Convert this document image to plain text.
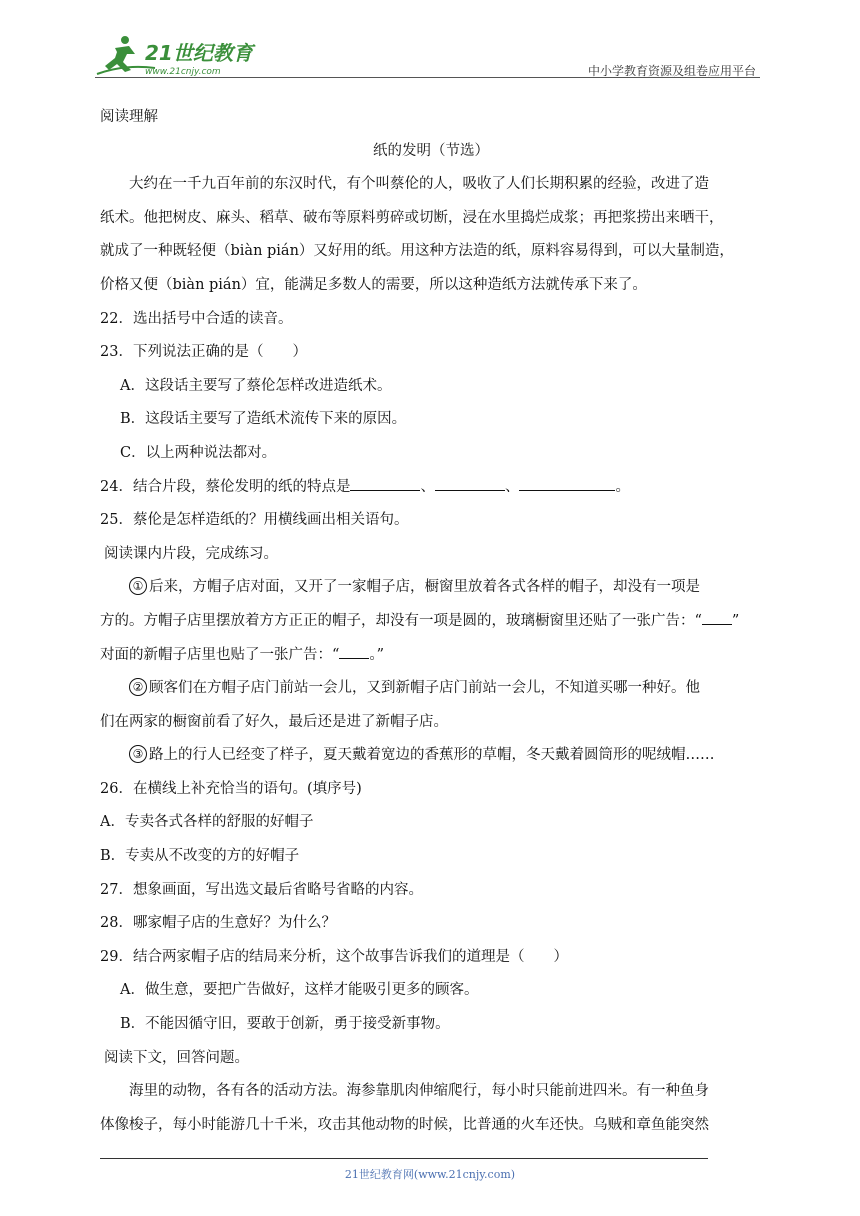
21世纪教育
www.21cnjy.com	中小学教育资源及组卷应用平台
阅读理解
纸的发明（节选）
大约在一千九百年前的东汉时代，有个叫蔡伦的人，吸收了人们长期积累的经验，改进了造
纸术。他把树皮、麻头、稻草、破布等原料剪碎或切断，浸在水里捣烂成浆；再把浆捞出来晒干，
就成了一种既轻便（biàn pián）又好用的纸。用这种方法造的纸，原料容易得到，可以大量制造，
价格又便（biàn pián）宜，能满足多数人的需要，所以这种造纸方法就传承下来了。
22．选出括号中合适的读音。
23．下列说法正确的是（　　）
A．这段话主要写了蔡伦怎样改进造纸术。
B．这段话主要写了造纸术流传下来的原因。
C．以上两种说法都对。
24．结合片段，蔡伦发明的纸的特点是	、	、	。
25．蔡伦是怎样造纸的？用横线画出相关语句。
阅读课内片段，完成练习。
① 后来，方帽子店对面，又开了一家帽子店，橱窗里放着各式各样的帽子，却没有一项是
方的。方帽子店里摆放着方方正正的帽子，却没有一项是圆的，玻璃橱窗里还贴了一张广告：“ ”
对面的新帽子店里也贴了一张广告：“ 。”
② 顾客们在方帽子店门前站一会儿，又到新帽子店门前站一会儿，不知道买哪一种好。他
们在两家的橱窗前看了好久，最后还是进了新帽子店。
③ 路上的行人已经变了样子，夏天戴着宽边的香蕉形的草帽，冬天戴着圆筒形的呢绒帽……
26．在横线上补充恰当的语句。(填序号)
A．专卖各式各样的舒服的好帽子
B．专卖从不改变的方的好帽子
27．想象画面，写出选文最后省略号省略的内容。
28．哪家帽子店的生意好？为什么？
29．结合两家帽子店的结局来分析，这个故事告诉我们的道理是（　　）
A．做生意，要把广告做好，这样才能吸引更多的顾客。
B．不能因循守旧，要敢于创新，勇于接受新事物。
阅读下文，回答问题。
海里的动物，各有各的活动方法。海参靠肌肉伸缩爬行，每小时只能前进四米。有一种鱼身
体像梭子，每小时能游几十千米，攻击其他动物的时候，比普通的火车还快。乌贼和章鱼能突然
21世纪教育网(www.21cnjy.com)
